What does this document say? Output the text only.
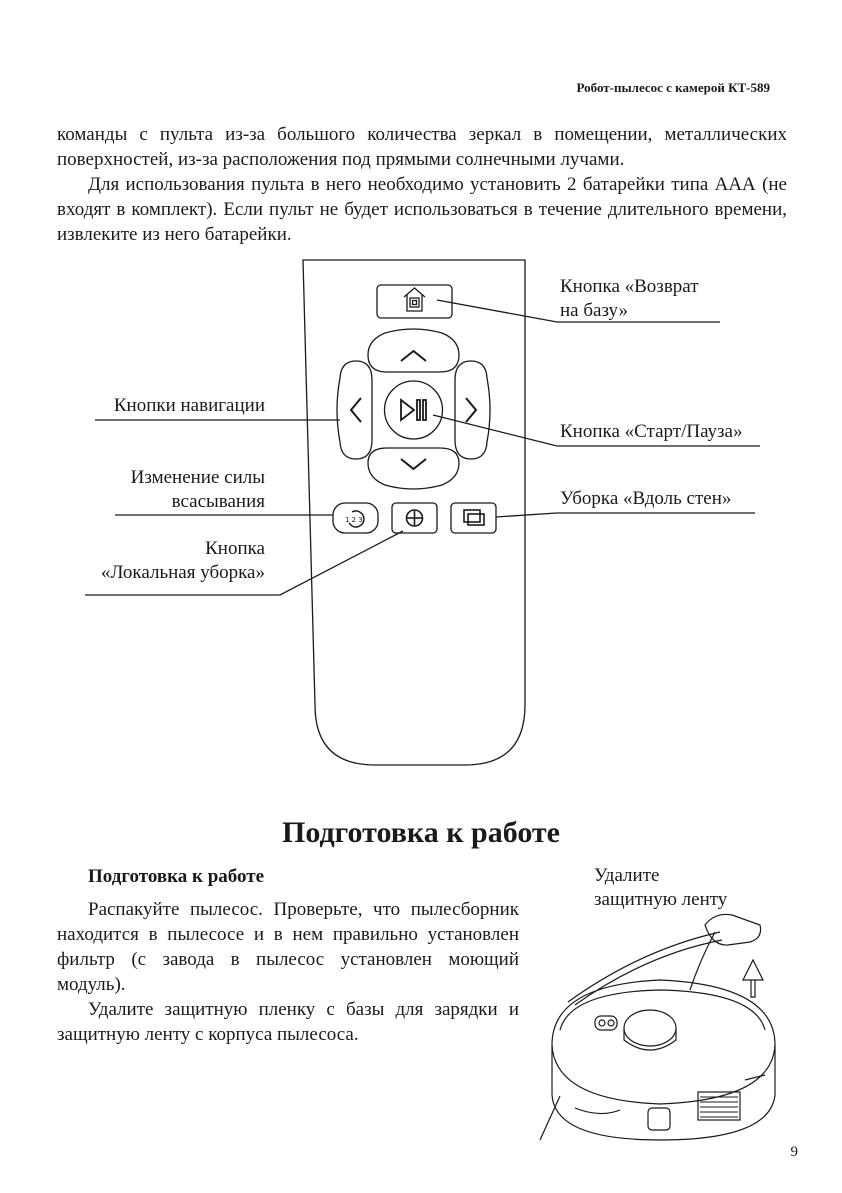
Робот-пылесос с камерой КТ-589

команды с пульта из-за большого количества зеркал в помещении, металлических поверхностей, из-за расположения под прямыми солнечными лучами.

Для использования пульта в него необходимо установить 2 батарейки типа ААА (не входят в комплект). Если пульт не будет использоваться в течение длительного времени, извлеките из него батарейки.

1 2 3
Кнопка «Возврат
на базу»
Кнопки навигации
Кнопка «Старт/Пауза»
Изменение силы
всасывания	Уборка «Вдоль стен»
Кнопка
«Локальная уборка»
Подготовка к работе

Подготовка к работе

Распакуйте пылесос. Проверьте, что пылесборник находится в пылесосе и в нем правильно установлен фильтр (с завода в пылесос установлен моющий модуль).

Удалите защитную пленку с базы для зарядки и защитную ленту с корпуса пылесоса.

Удалите
защитную ленту
9
